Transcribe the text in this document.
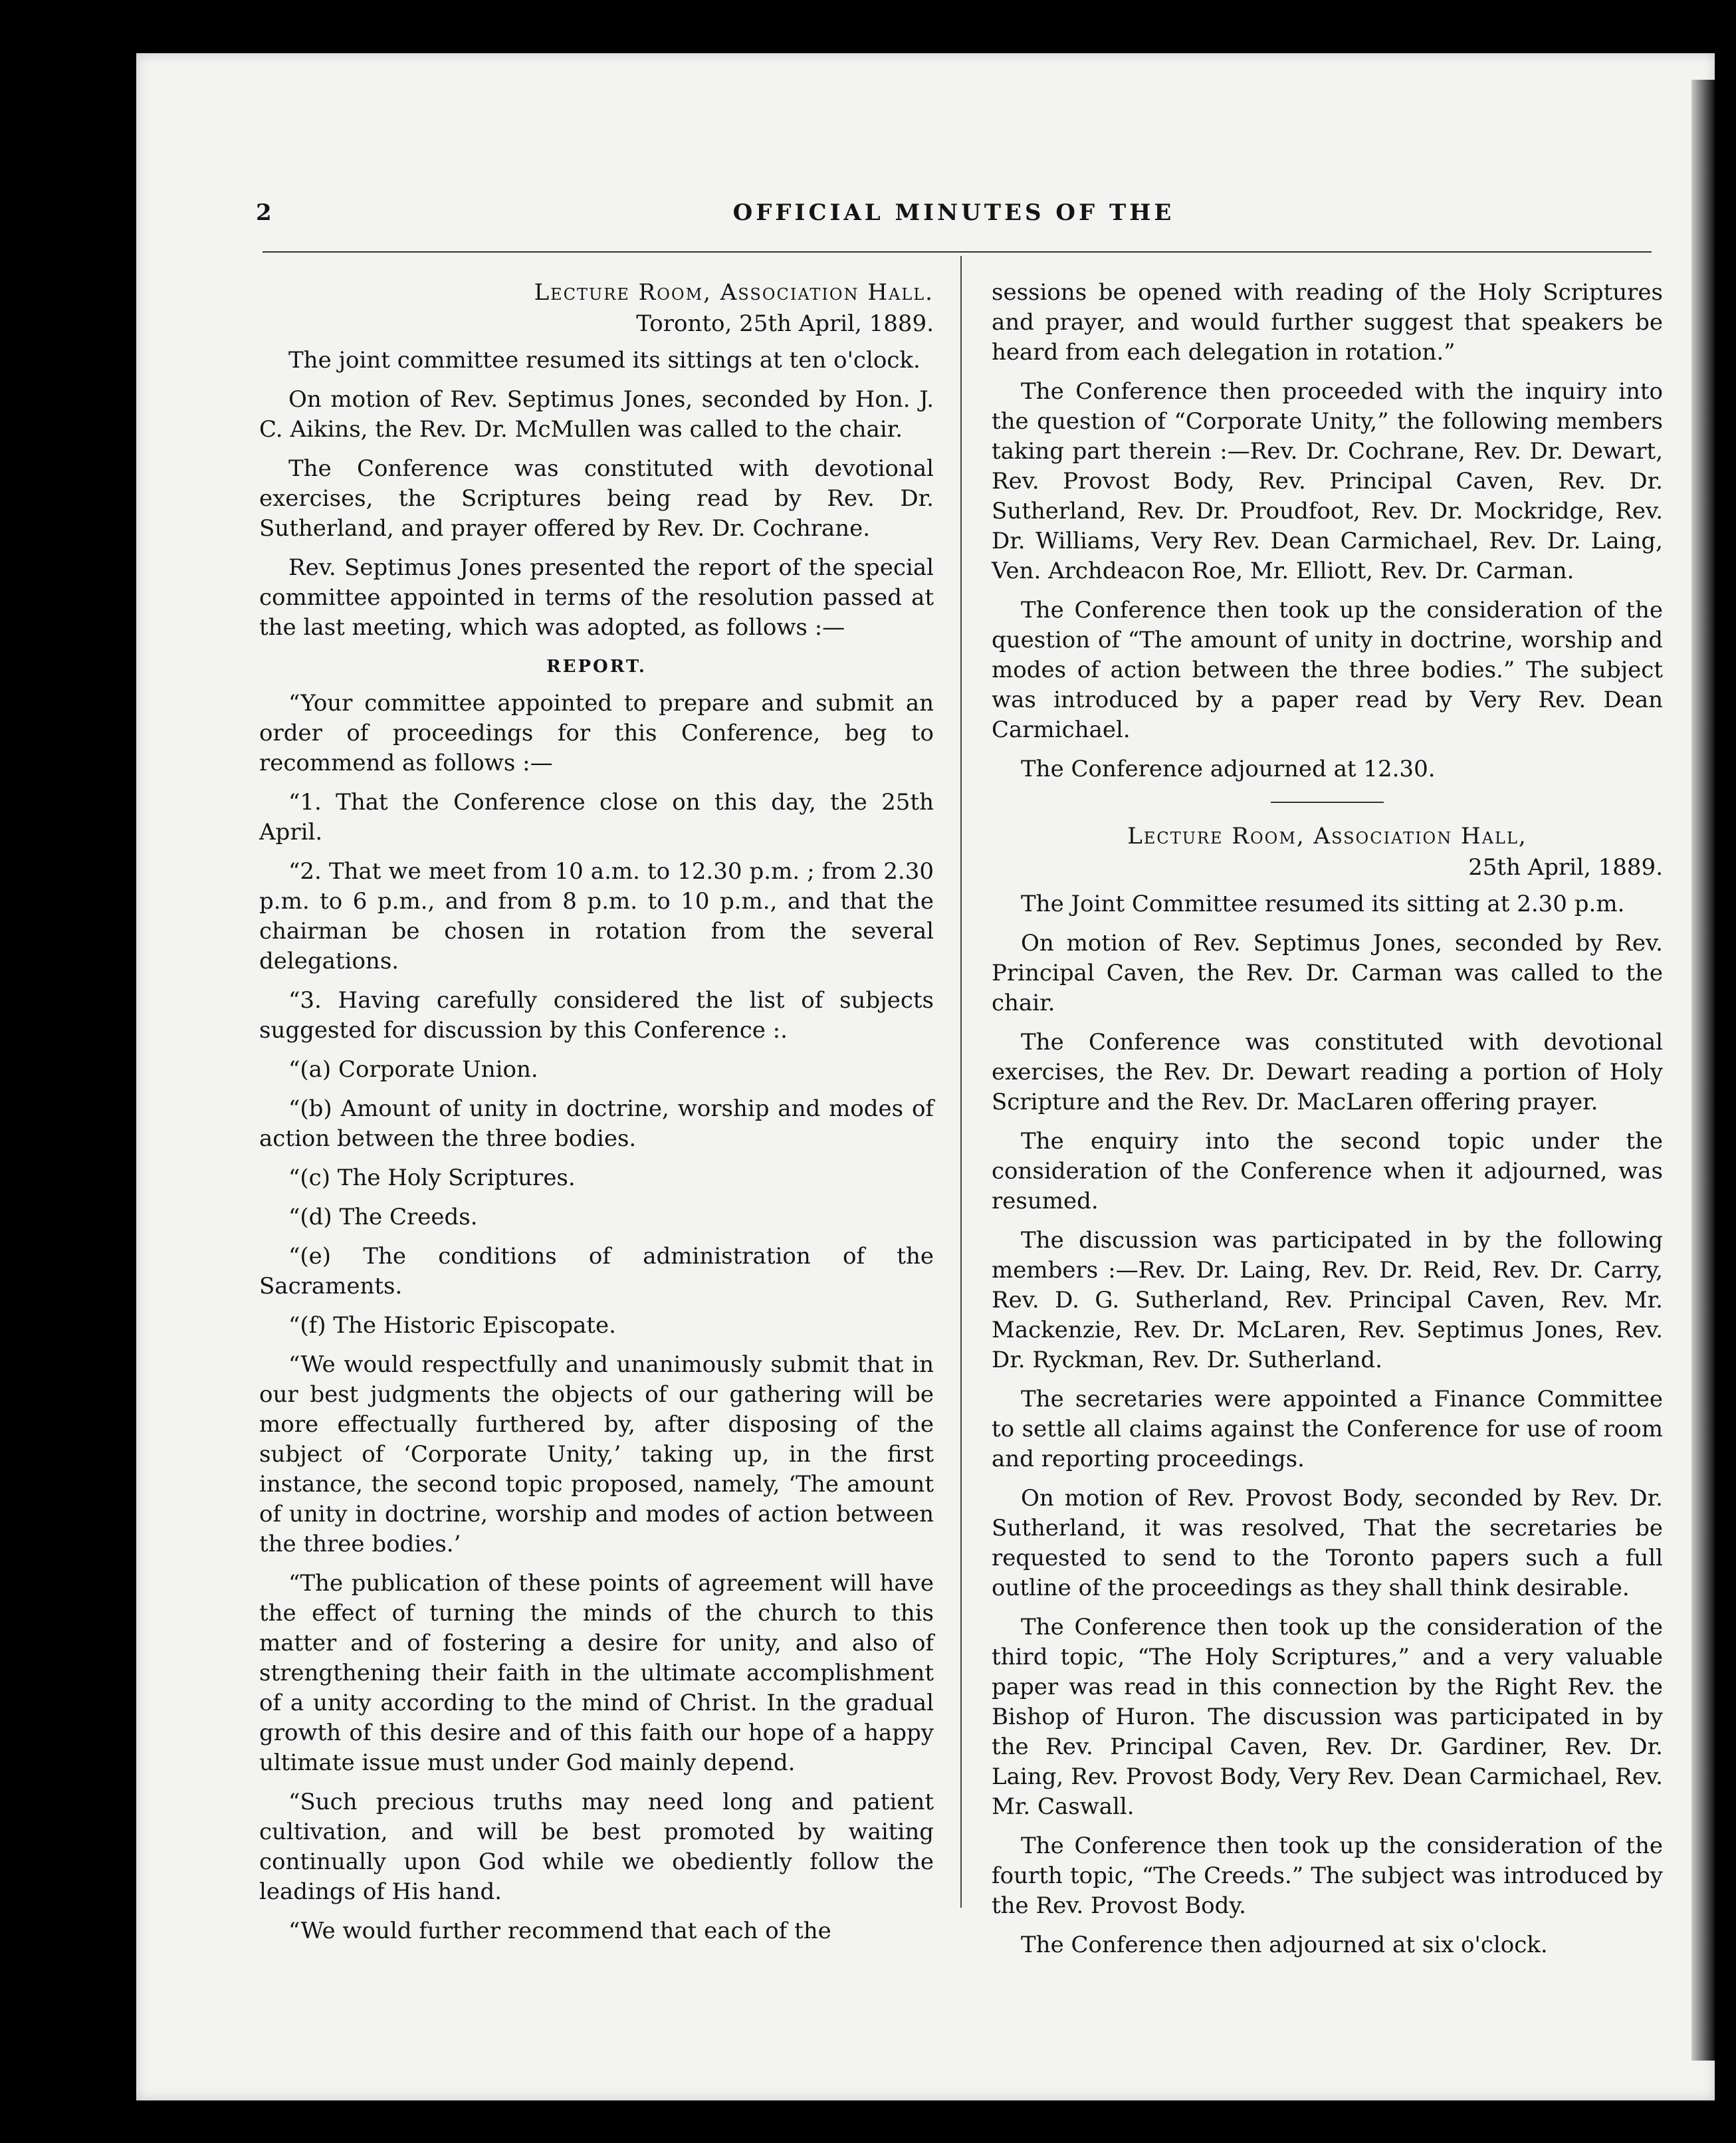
2	OFFICIAL MINUTES OF THE

Lecture Room, Association Hall.

Toronto, 25th April, 1889.

The joint committee resumed its sittings at ten o'clock.

On motion of Rev. Septimus Jones, seconded by Hon. J. C. Aikins, the Rev. Dr. McMullen was called to the chair.

The Conference was constituted with devotional exercises, the Scriptures being read by Rev. Dr. Sutherland, and prayer offered by Rev. Dr. Cochrane.

Rev. Septimus Jones presented the report of the special committee appointed in terms of the resolution passed at the last meeting, which was adopted, as follows :—

REPORT.

“Your committee appointed to prepare and submit an order of proceedings for this Conference, beg to recommend as follows :—

“1. That the Conference close on this day, the 25th April.

“2. That we meet from 10 a.m. to 12.30 p.m. ; from 2.30 p.m. to 6 p.m., and from 8 p.m. to 10 p.m., and that the chairman be chosen in rotation from the several delegations.

“3. Having carefully considered the list of subjects suggested for discussion by this Conference :.

“(a) Corporate Union.

“(b) Amount of unity in doctrine, worship and modes of action between the three bodies.

“(c) The Holy Scriptures.

“(d) The Creeds.

“(e) The conditions of administration of the Sacraments.

“(f) The Historic Episcopate.

“We would respectfully and unanimously submit that in our best judgments the objects of our gathering will be more effectually furthered by, after disposing of the subject of ‘Corporate Unity,’ taking up, in the first instance, the second topic proposed, namely, ‘The amount of unity in doctrine, worship and modes of action between the three bodies.’

“The publication of these points of agreement will have the effect of turning the minds of the church to this matter and of fostering a desire for unity, and also of strengthening their faith in the ultimate accomplishment of a unity according to the mind of Christ. In the gradual growth of this desire and of this faith our hope of a happy ultimate issue must under God mainly depend.

“Such precious truths may need long and patient cultivation, and will be best promoted by waiting continually upon God while we obediently follow the leadings of His hand.

“We would further recommend that each of the

sessions be opened with reading of the Holy Scriptures and prayer, and would further suggest that speakers be heard from each delegation in rotation.”

The Conference then proceeded with the inquiry into the question of “Corporate Unity,” the following members taking part therein :—Rev. Dr. Cochrane, Rev. Dr. Dewart, Rev. Provost Body, Rev. Principal Caven, Rev. Dr. Sutherland, Rev. Dr. Proudfoot, Rev. Dr. Mockridge, Rev. Dr. Williams, Very Rev. Dean Carmichael, Rev. Dr. Laing, Ven. Archdeacon Roe, Mr. Elliott, Rev. Dr. Carman.

The Conference then took up the consideration of the question of “The amount of unity in doctrine, worship and modes of action between the three bodies.” The subject was introduced by a paper read by Very Rev. Dean Carmichael.

The Conference adjourned at 12.30.

Lecture Room, Association Hall,

25th April, 1889.

The Joint Committee resumed its sitting at 2.30 p.m.

On motion of Rev. Septimus Jones, seconded by Rev. Principal Caven, the Rev. Dr. Carman was called to the chair.

The Conference was constituted with devotional exercises, the Rev. Dr. Dewart reading a portion of Holy Scripture and the Rev. Dr. MacLaren offering prayer.

The enquiry into the second topic under the consideration of the Conference when it adjourned, was resumed.

The discussion was participated in by the following members :—Rev. Dr. Laing, Rev. Dr. Reid, Rev. Dr. Carry, Rev. D. G. Sutherland, Rev. Principal Caven, Rev. Mr. Mackenzie, Rev. Dr. McLaren, Rev. Septimus Jones, Rev. Dr. Ryckman, Rev. Dr. Sutherland.

The secretaries were appointed a Finance Committee to settle all claims against the Conference for use of room and reporting proceedings.

On motion of Rev. Provost Body, seconded by Rev. Dr. Sutherland, it was resolved, That the secretaries be requested to send to the Toronto papers such a full outline of the proceedings as they shall think desirable.

The Conference then took up the consideration of the third topic, “The Holy Scriptures,” and a very valuable paper was read in this connection by the Right Rev. the Bishop of Huron. The discussion was participated in by the Rev. Principal Caven, Rev. Dr. Gardiner, Rev. Dr. Laing, Rev. Provost Body, Very Rev. Dean Carmichael, Rev. Mr. Caswall.

The Conference then took up the consideration of the fourth topic, “The Creeds.” The subject was introduced by the Rev. Provost Body.

The Conference then adjourned at six o'clock.
